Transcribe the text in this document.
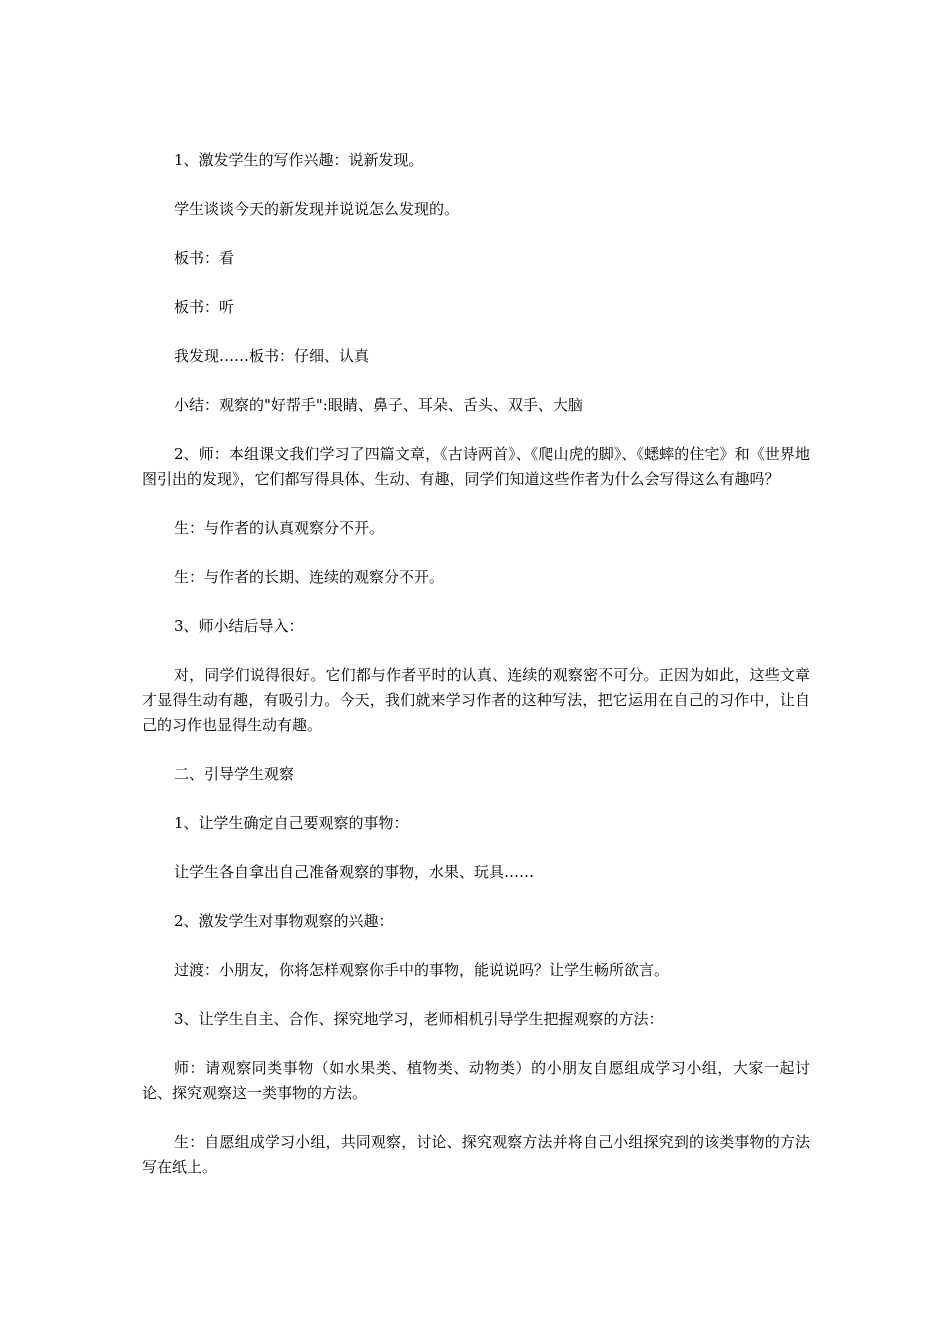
1、激发学生的写作兴趣：说新发现。

学生谈谈今天的新发现并说说怎么发现的。

板书：看

板书：听

我发现……板书：仔细、认真

小结：观察的"好帮手":眼睛、鼻子、耳朵、舌头、双手、大脑

2、师：本组课文我们学习了四篇文章，《古诗两首》、《爬山虎的脚》、《蟋蟀的住宅》和《世界地图引出的发现》，它们都写得具体、生动、有趣，同学们知道这些作者为什么会写得这么有趣吗？

生：与作者的认真观察分不开。

生：与作者的长期、连续的观察分不开。

3、师小结后导入：

对，同学们说得很好。它们都与作者平时的认真、连续的观察密不可分。正因为如此，这些文章才显得生动有趣，有吸引力。今天，我们就来学习作者的这种写法，把它运用在自己的习作中，让自己的习作也显得生动有趣。

二、引导学生观察

1、让学生确定自己要观察的事物：

让学生各自拿出自己准备观察的事物，水果、玩具……

2、激发学生对事物观察的兴趣：

过渡：小朋友，你将怎样观察你手中的事物，能说说吗？让学生畅所欲言。

3、让学生自主、合作、探究地学习，老师相机引导学生把握观察的方法：

师：请观察同类事物（如水果类、植物类、动物类）的小朋友自愿组成学习小组，大家一起讨论、探究观察这一类事物的方法。

生：自愿组成学习小组，共同观察，讨论、探究观察方法并将自己小组探究到的该类事物的方法写在纸上。
